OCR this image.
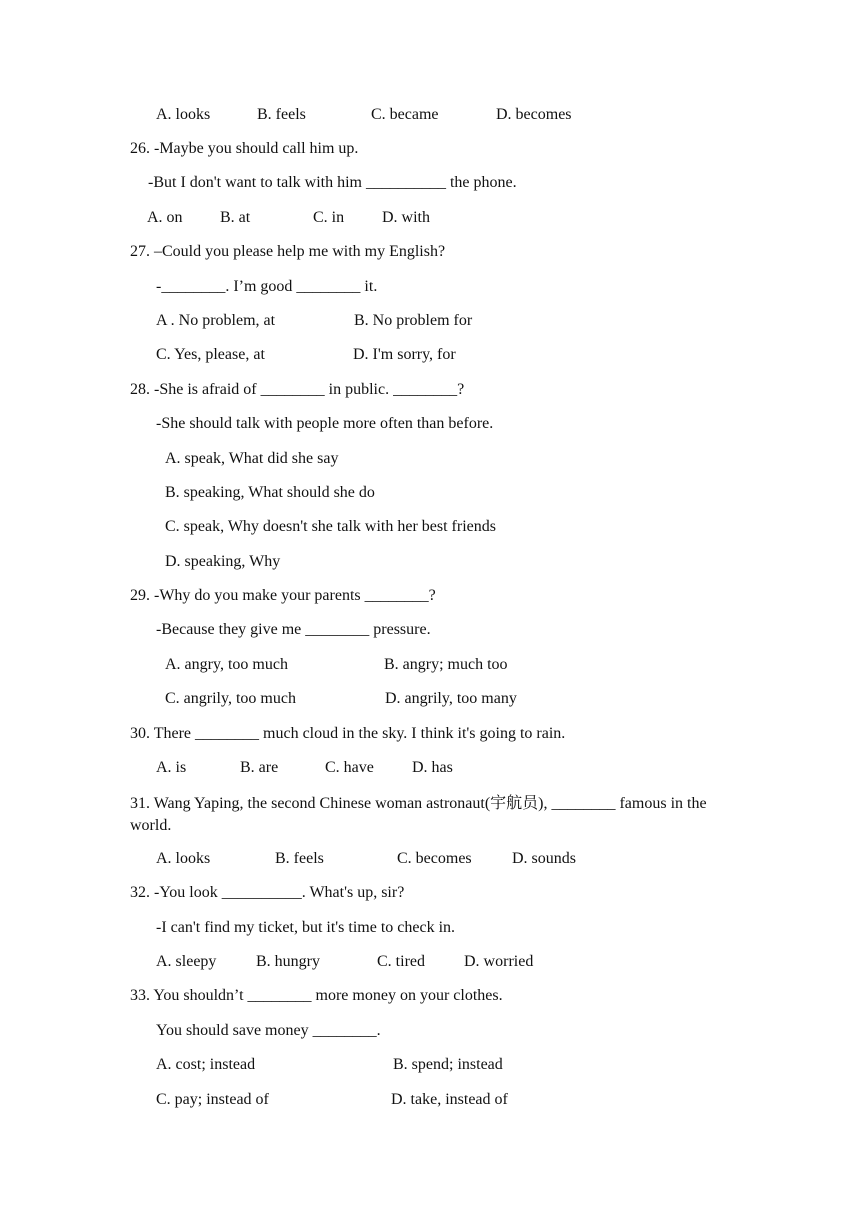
A. looks	B. feels	C. became	D. becomes
26. -Maybe you should call him up.
-But I don't want to talk with him __________ the phone.
A. on B. at	C. in D. with
27. –Could you please help me with my English?
-________. I’m good ________ it.
A . No problem, at	B. No problem for
C. Yes, please, at	D. I'm sorry, for
28. -She is afraid of ________ in public. ________?
-She should talk with people more often than before.
A. speak, What did she say
B. speaking, What should she do
C. speak, Why doesn't she talk with her best friends
D. speaking, Why
29. -Why do you make your parents ________?
-Because they give me ________ pressure.
A. angry, too much	B. angry; much too
C. angrily, too much	D. angrily, too many
30. There ________ much cloud in the sky. I think it's going to rain.
A. is	B. are	C. have D. has
31. Wang Yaping, the second Chinese woman astronaut(宇航员), ________ famous in the world.
A. looks	B. feels	C. becomes	D. sounds
32. -You look __________. What's up, sir?
-I can't find my ticket, but it's time to check in.
A. sleepy B. hungry	C. tired D. worried
33. You shouldn’t ________ more money on your clothes.
You should save money ________.
A. cost; instead	B. spend; instead
C. pay; instead of	D. take, instead of
